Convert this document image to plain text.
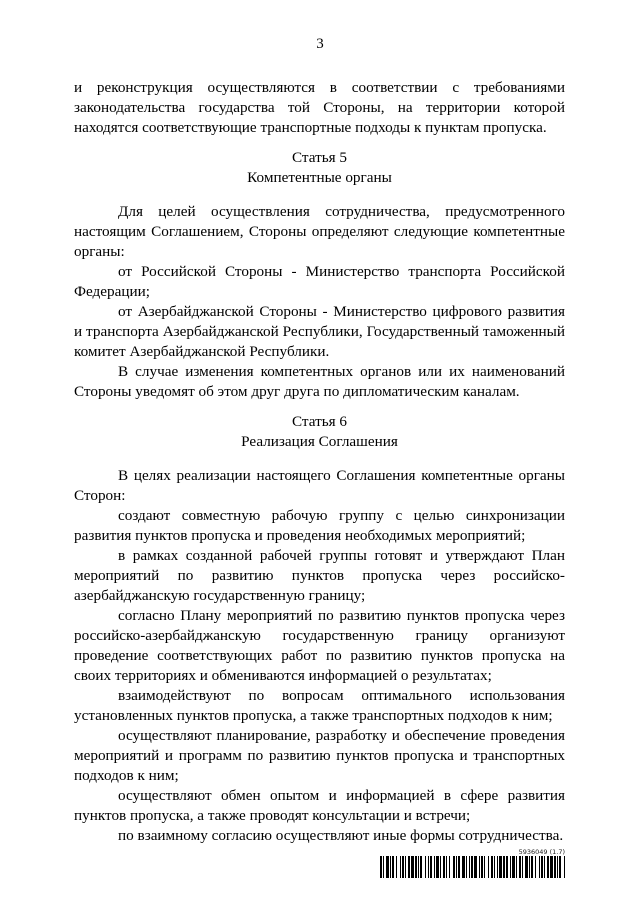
3

и реконструкция осуществляются в соответствии с требованиями законодательства государства той Стороны, на территории которой находятся соответствующие транспортные подходы к пунктам пропуска.

Статья 5

Компетентные органы

Для целей осуществления сотрудничества, предусмотренного настоящим Соглашением, Стороны определяют следующие компетентные органы:

от Российской Стороны - Министерство транспорта Российской Федерации;

от Азербайджанской Стороны - Министерство цифрового развития и транспорта Азербайджанской Республики, Государственный таможенный комитет Азербайджанской Республики.

В случае изменения компетентных органов или их наименований Стороны уведомят об этом друг друга по дипломатическим каналам.

Статья 6

Реализация Соглашения

В целях реализации настоящего Соглашения компетентные органы Сторон:

создают совместную рабочую группу с целью синхронизации развития пунктов пропуска и проведения необходимых мероприятий;

в рамках созданной рабочей группы готовят и утверждают План мероприятий по развитию пунктов пропуска через российско-азербайджанскую государственную границу;

согласно Плану мероприятий по развитию пунктов пропуска через российско-азербайджанскую государственную границу организуют проведение соответствующих работ по развитию пунктов пропуска на своих территориях и обмениваются информацией о результатах;

взаимодействуют по вопросам оптимального использования установленных пунктов пропуска, а также транспортных подходов к ним;

осуществляют планирование, разработку и обеспечение проведения мероприятий и программ по развитию пунктов пропуска и транспортных подходов к ним;

осуществляют обмен опытом и информацией в сфере развития пунктов пропуска, а также проводят консультации и встречи;

по взаимному согласию осуществляют иные формы сотрудничества.

5936049 (1.7)
